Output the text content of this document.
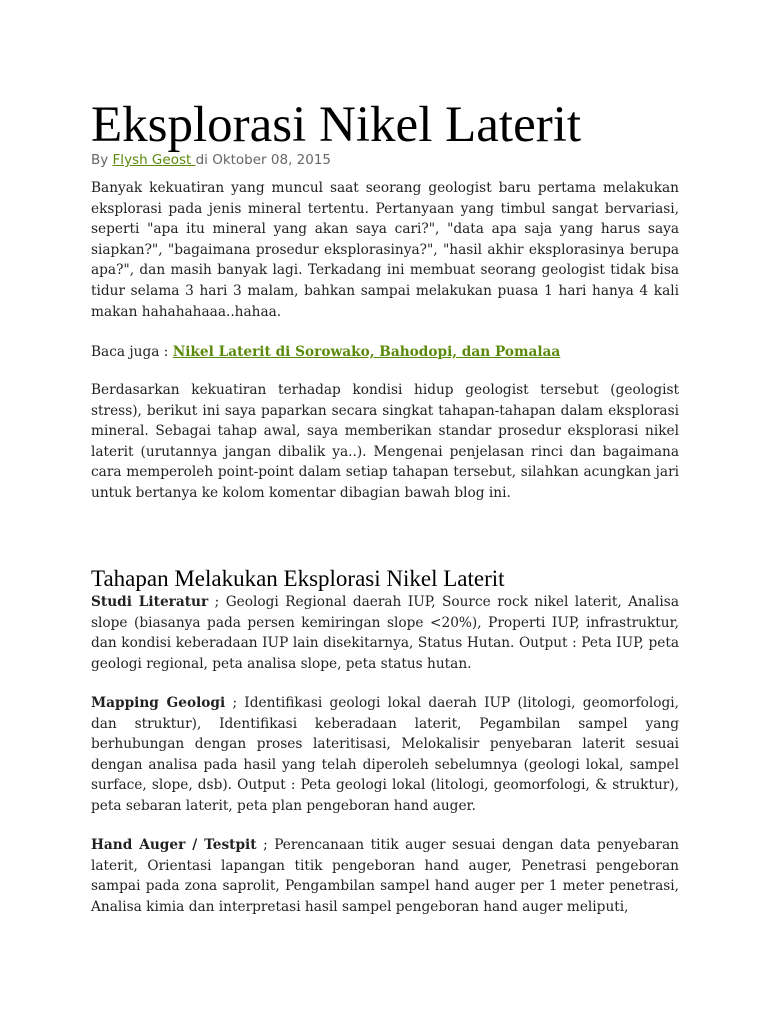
Eksplorasi Nikel Laterit

By Flysh Geost di Oktober 08, 2015

Banyak kekuatiran yang muncul saat seorang geologist baru pertama melakukan eksplorasi pada jenis mineral tertentu. Pertanyaan yang timbul sangat bervariasi, seperti "apa itu mineral yang akan saya cari?", "data apa saja yang harus saya siapkan?", "bagaimana prosedur eksplorasinya?", "hasil akhir eksplorasinya berupa apa?", dan masih banyak lagi. Terkadang ini membuat seorang geologist tidak bisa tidur selama 3 hari 3 malam, bahkan sampai melakukan puasa 1 hari hanya 4 kali makan hahahahaaa..hahaa.

Baca juga : Nikel Laterit di Sorowako, Bahodopi, dan Pomalaa

Berdasarkan kekuatiran terhadap kondisi hidup geologist tersebut (geologist stress), berikut ini saya paparkan secara singkat tahapan-tahapan dalam eksplorasi mineral. Sebagai tahap awal, saya memberikan standar prosedur eksplorasi nikel laterit (urutannya jangan dibalik ya..). Mengenai penjelasan rinci dan bagaimana cara memperoleh point-point dalam setiap tahapan tersebut, silahkan acungkan jari untuk bertanya ke kolom komentar dibagian bawah blog ini.

Tahapan Melakukan Eksplorasi Nikel Laterit

Studi Literatur ; Geologi Regional daerah IUP, Source rock nikel laterit, Analisa slope (biasanya pada persen kemiringan slope <20%), Properti IUP, infrastruktur, dan kondisi keberadaan IUP lain disekitarnya, Status Hutan. Output : Peta IUP, peta geologi regional, peta analisa slope, peta status hutan.

Mapping Geologi ; Identifikasi geologi lokal daerah IUP (litologi, geomorfologi, dan struktur), Identifikasi keberadaan laterit, Pegambilan sampel yang berhubungan dengan proses lateritisasi, Melokalisir penyebaran laterit sesuai dengan analisa pada hasil yang telah diperoleh sebelumnya (geologi lokal, sampel surface, slope, dsb). Output : Peta geologi lokal (litologi, geomorfologi, & struktur), peta sebaran laterit, peta plan pengeboran hand auger.

Hand Auger / Testpit ; Perencanaan titik auger sesuai dengan data penyebaran laterit, Orientasi lapangan titik pengeboran hand auger, Penetrasi pengeboran sampai pada zona saprolit, Pengambilan sampel hand auger per 1 meter penetrasi, Analisa kimia dan interpretasi hasil sampel pengeboran hand auger meliputi,
